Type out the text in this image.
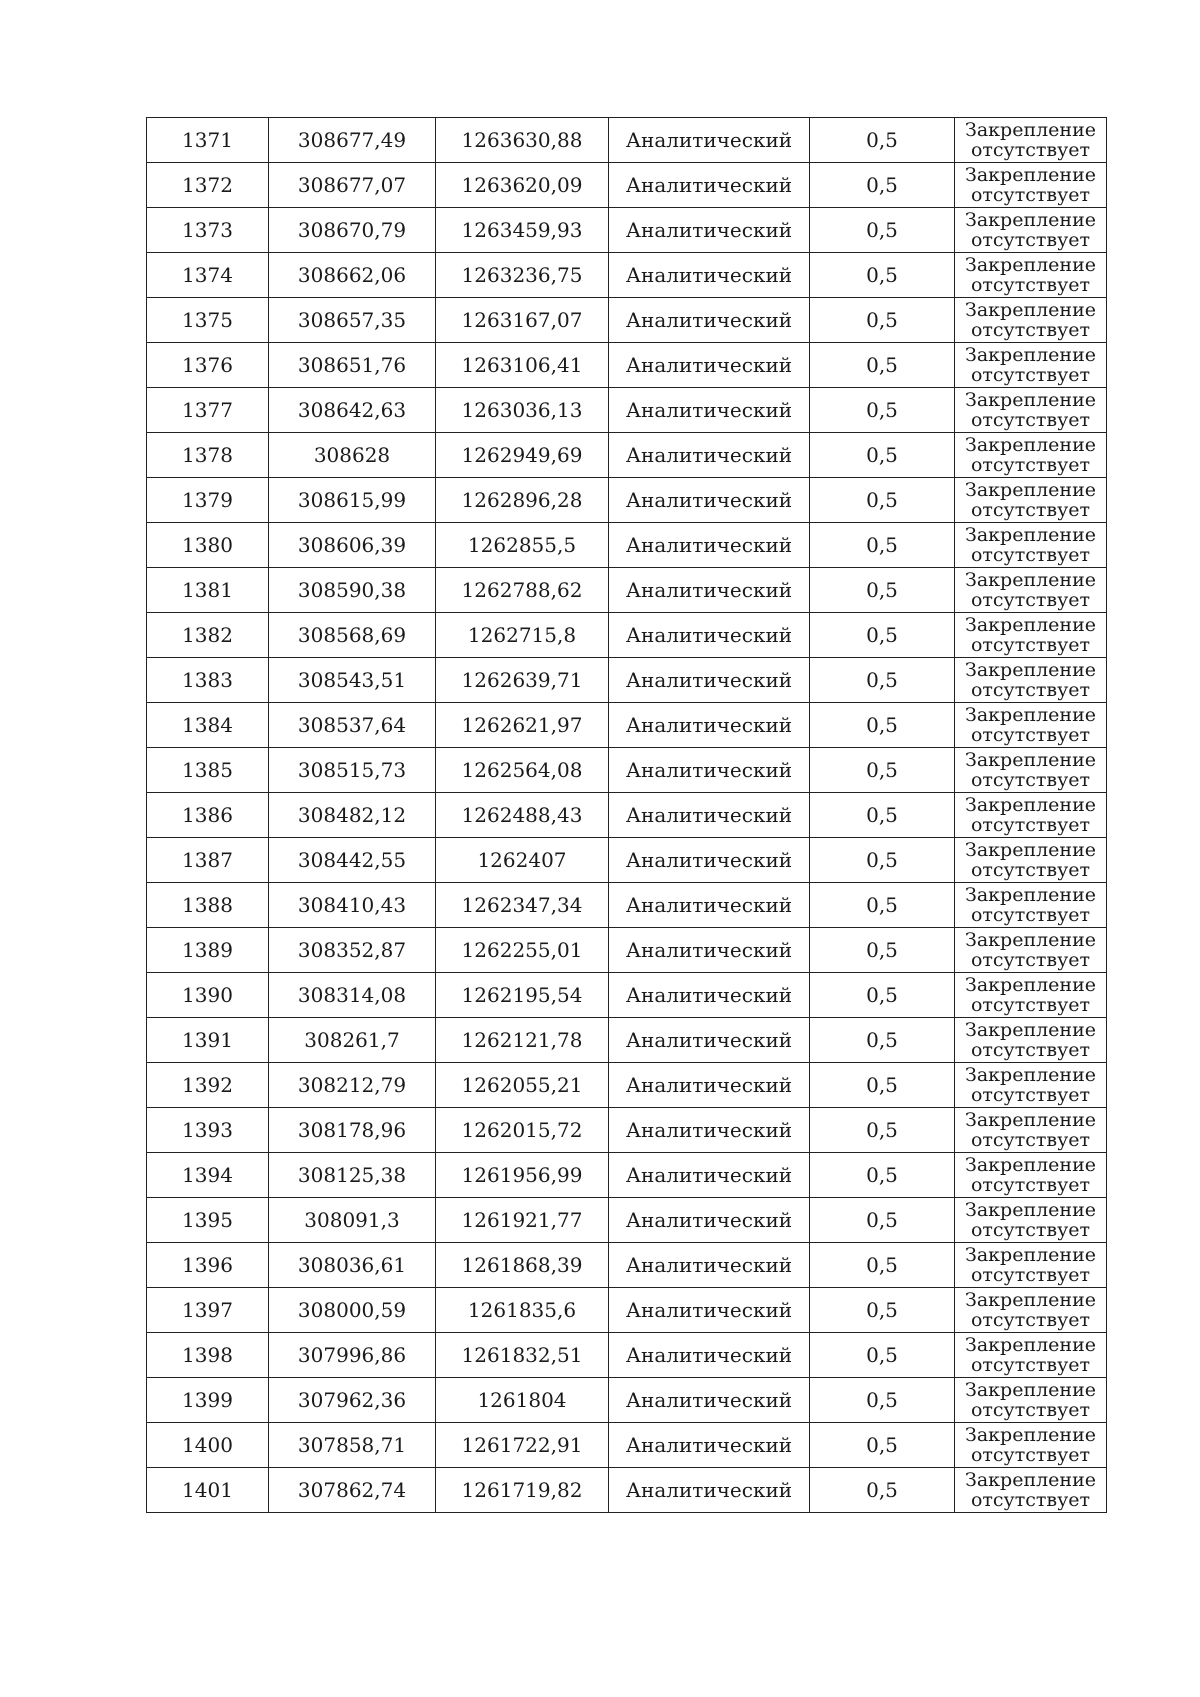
1371	308677,49	1263630,88	Аналитический	0,5	Закрепление отсутствует
1372	308677,07	1263620,09	Аналитический	0,5	Закрепление отсутствует
1373	308670,79	1263459,93	Аналитический	0,5	Закрепление отсутствует
1374	308662,06	1263236,75	Аналитический	0,5	Закрепление отсутствует
1375	308657,35	1263167,07	Аналитический	0,5	Закрепление отсутствует
1376	308651,76	1263106,41	Аналитический	0,5	Закрепление отсутствует
1377	308642,63	1263036,13	Аналитический	0,5	Закрепление отсутствует
1378	308628	1262949,69	Аналитический	0,5	Закрепление отсутствует
1379	308615,99	1262896,28	Аналитический	0,5	Закрепление отсутствует
1380	308606,39	1262855,5	Аналитический	0,5	Закрепление отсутствует
1381	308590,38	1262788,62	Аналитический	0,5	Закрепление отсутствует
1382	308568,69	1262715,8	Аналитический	0,5	Закрепление отсутствует
1383	308543,51	1262639,71	Аналитический	0,5	Закрепление отсутствует
1384	308537,64	1262621,97	Аналитический	0,5	Закрепление отсутствует
1385	308515,73	1262564,08	Аналитический	0,5	Закрепление отсутствует
1386	308482,12	1262488,43	Аналитический	0,5	Закрепление отсутствует
1387	308442,55	1262407	Аналитический	0,5	Закрепление отсутствует
1388	308410,43	1262347,34	Аналитический	0,5	Закрепление отсутствует
1389	308352,87	1262255,01	Аналитический	0,5	Закрепление отсутствует
1390	308314,08	1262195,54	Аналитический	0,5	Закрепление отсутствует
1391	308261,7	1262121,78	Аналитический	0,5	Закрепление отсутствует
1392	308212,79	1262055,21	Аналитический	0,5	Закрепление отсутствует
1393	308178,96	1262015,72	Аналитический	0,5	Закрепление отсутствует
1394	308125,38	1261956,99	Аналитический	0,5	Закрепление отсутствует
1395	308091,3	1261921,77	Аналитический	0,5	Закрепление отсутствует
1396	308036,61	1261868,39	Аналитический	0,5	Закрепление отсутствует
1397	308000,59	1261835,6	Аналитический	0,5	Закрепление отсутствует
1398	307996,86	1261832,51	Аналитический	0,5	Закрепление отсутствует
1399	307962,36	1261804	Аналитический	0,5	Закрепление отсутствует
1400	307858,71	1261722,91	Аналитический	0,5	Закрепление отсутствует
1401	307862,74	1261719,82	Аналитический	0,5	Закрепление отсутствует
